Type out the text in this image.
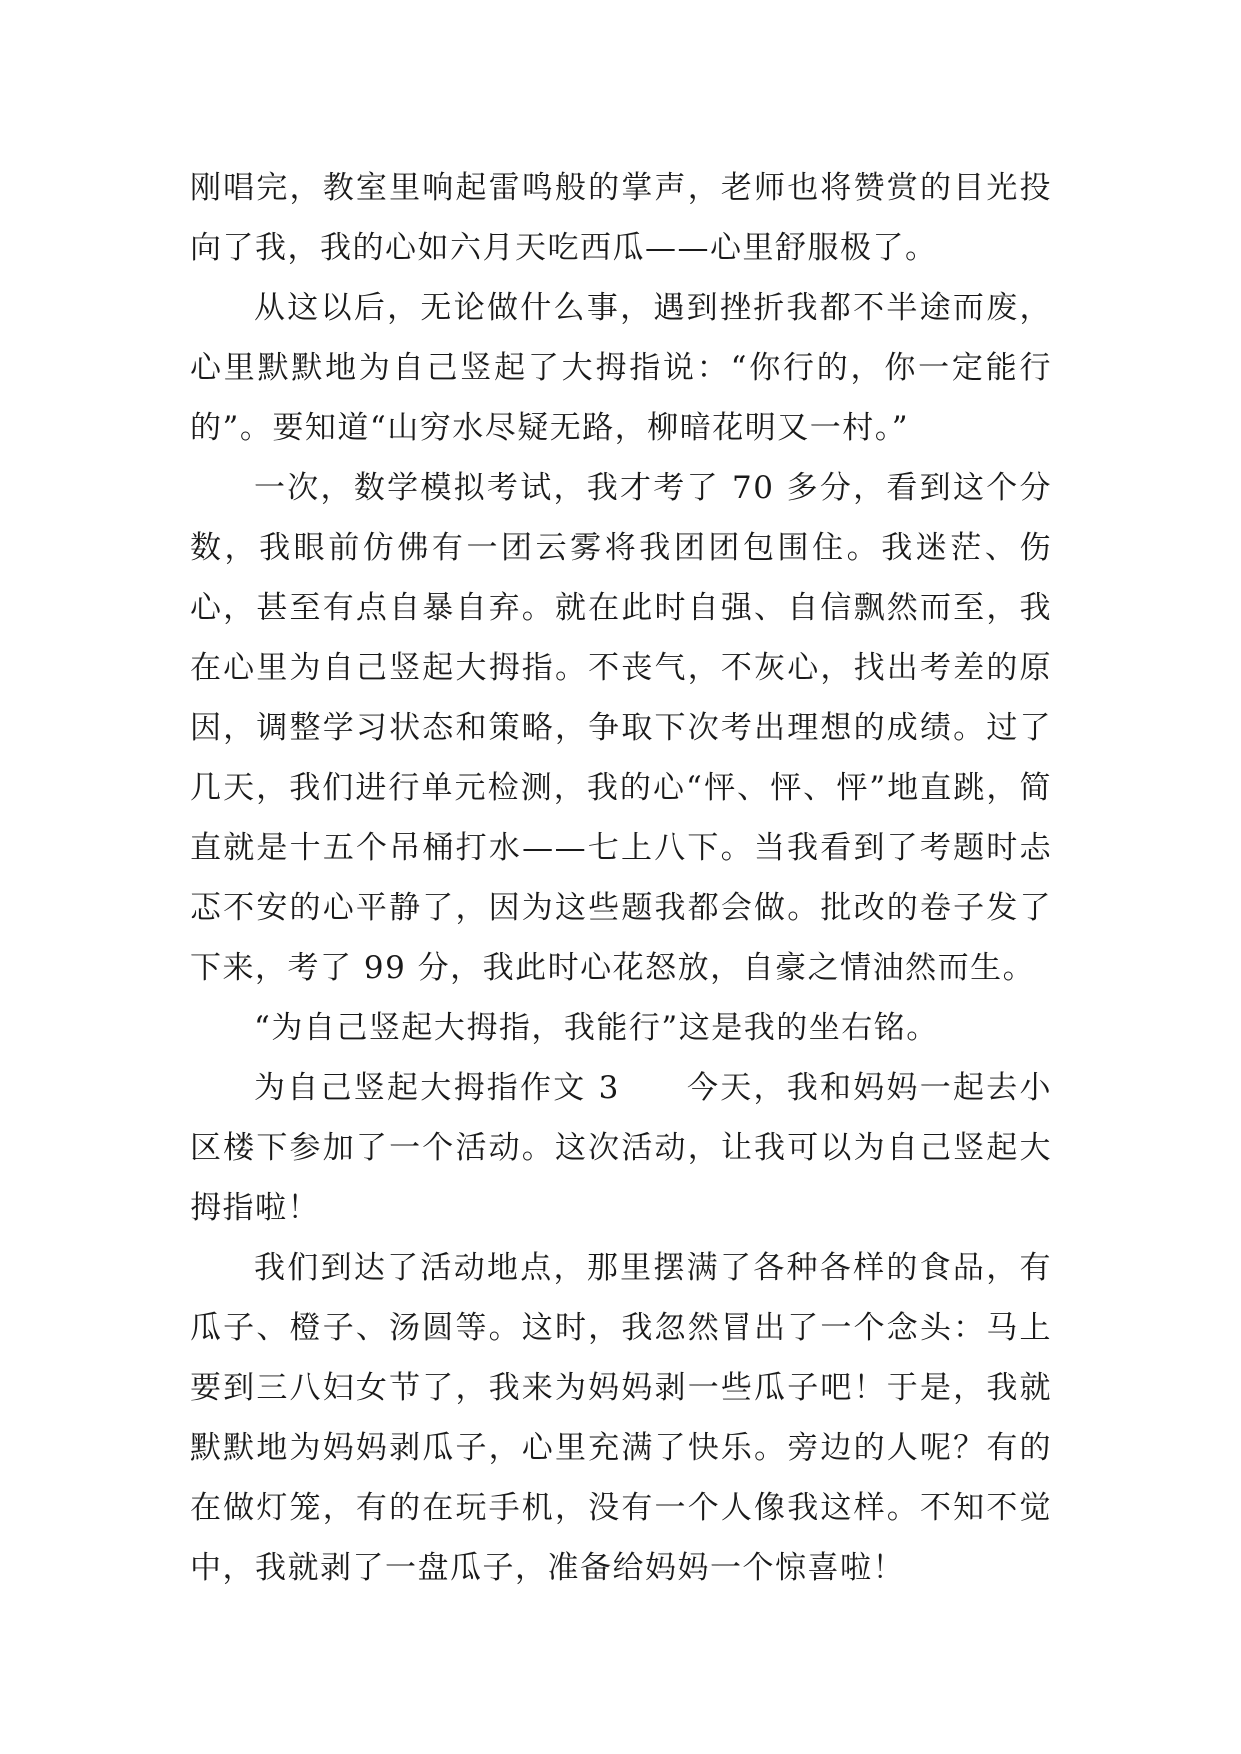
刚唱完，教室里响起雷鸣般的掌声，老师也将赞赏的目光投向了我，我的心如六月天吃西瓜——心里舒服极了。

从这以后，无论做什么事，遇到挫折我都不半途而废，心里默默地为自己竖起了大拇指说：“你行的，你一定能行的”。要知道“山穷水尽疑无路，柳暗花明又一村。”

一次，数学模拟考试，我才考了 70 多分，看到这个分数，我眼前仿佛有一团云雾将我团团包围住。我迷茫、伤心，甚至有点自暴自弃。就在此时自强、自信飘然而至，我在心里为自己竖起大拇指。不丧气，不灰心，找出考差的原因，调整学习状态和策略，争取下次考出理想的成绩。过了几天，我们进行单元检测，我的心“怦、怦、怦”地直跳，简直就是十五个吊桶打水——七上八下。当我看到了考题时忐忑不安的心平静了，因为这些题我都会做。批改的卷子发了下来，考了 99 分，我此时心花怒放，自豪之情油然而生。

“为自己竖起大拇指，我能行”这是我的坐右铭。

为自己竖起大拇指作文 3　　今天，我和妈妈一起去小区楼下参加了一个活动。这次活动，让我可以为自己竖起大拇指啦！

我们到达了活动地点，那里摆满了各种各样的食品，有瓜子、橙子、汤圆等。这时，我忽然冒出了一个念头：马上要到三八妇女节了，我来为妈妈剥一些瓜子吧！于是，我就默默地为妈妈剥瓜子，心里充满了快乐。旁边的人呢？有的在做灯笼，有的在玩手机，没有一个人像我这样。不知不觉中，我就剥了一盘瓜子，准备给妈妈一个惊喜啦！
